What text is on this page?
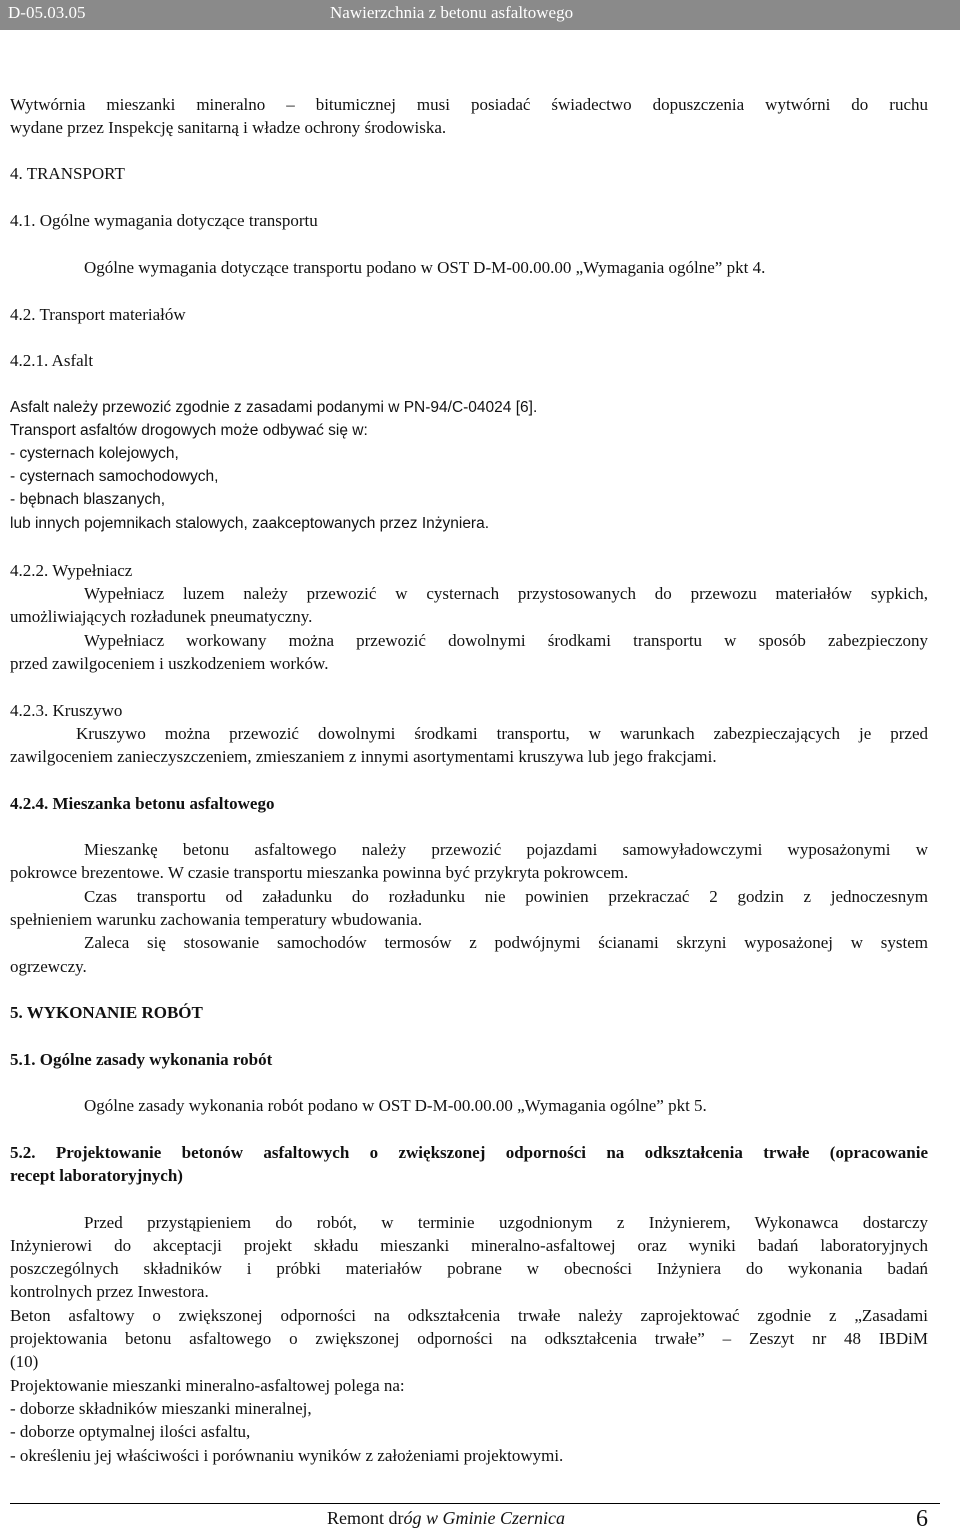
D-05.03.05	Nawierzchnia z betonu asfaltowego
Wytwórnia mieszanki mineralno – bitumicznej musi posiadać świadectwo dopuszczenia wytwórni do ruchu
wydane przez Inspekcję sanitarną i władze ochrony środowiska.
4. TRANSPORT
4.1. Ogólne wymagania dotyczące transportu
Ogólne wymagania dotyczące transportu podano w OST D-M-00.00.00 „Wymagania ogólne” pkt 4.
4.2. Transport materiałów
4.2.1. Asfalt
Asfalt należy przewozić zgodnie z zasadami podanymi w PN-94/C-04024 [6].
Transport asfaltów drogowych może odbywać się w:
- cysternach kolejowych,
- cysternach samochodowych,
- bębnach blaszanych,
lub innych pojemnikach stalowych, zaakceptowanych przez Inżyniera.
4.2.2. Wypełniacz
Wypełniacz luzem należy przewozić w cysternach przystosowanych do przewozu materiałów sypkich,
umożliwiających rozładunek pneumatyczny.
Wypełniacz workowany można przewozić dowolnymi środkami transportu w sposób zabezpieczony
przed zawilgoceniem i uszkodzeniem worków.
4.2.3. Kruszywo
Kruszywo można przewozić dowolnymi środkami transportu, w warunkach zabezpieczających je przed
zawilgoceniem zanieczyszczeniem, zmieszaniem z innymi asortymentami kruszywa lub jego frakcjami.
4.2.4. Mieszanka betonu asfaltowego
Mieszankę betonu asfaltowego należy przewozić pojazdami samowyładowczymi wyposażonymi w
pokrowce brezentowe. W czasie transportu mieszanka powinna być przykryta pokrowcem.
Czas transportu od załadunku do rozładunku nie powinien przekraczać 2 godzin z jednoczesnym
spełnieniem warunku zachowania temperatury wbudowania.
Zaleca się stosowanie samochodów termosów z podwójnymi ścianami skrzyni wyposażonej w system
ogrzewczy.
5. WYKONANIE ROBÓT
5.1. Ogólne zasady wykonania robót
Ogólne zasady wykonania robót podano w OST D-M-00.00.00 „Wymagania ogólne” pkt 5.
5.2. Projektowanie betonów asfaltowych o zwiększonej odporności na odkształcenia trwałe (opracowanie
recept laboratoryjnych)
Przed przystąpieniem do robót, w terminie uzgodnionym z Inżynierem, Wykonawca dostarczy
Inżynierowi do akceptacji projekt składu mieszanki mineralno-asfaltowej oraz wyniki badań laboratoryjnych
poszczególnych składników i próbki materiałów pobrane w obecności Inżyniera do wykonania badań
kontrolnych przez Inwestora.
Beton asfaltowy o zwiększonej odporności na odkształcenia trwałe należy zaprojektować zgodnie z „Zasadami
projektowania betonu asfaltowego o zwiększonej odporności na odkształcenia trwałe” – Zeszyt nr 48 IBDiM
(10)
Projektowanie mieszanki mineralno-asfaltowej polega na:
- doborze składników mieszanki mineralnej,
- doborze optymalnej ilości asfaltu,
- określeniu jej właściwości i porównaniu wyników z założeniami projektowymi.
Remont dróg w Gminie Czernica	6
